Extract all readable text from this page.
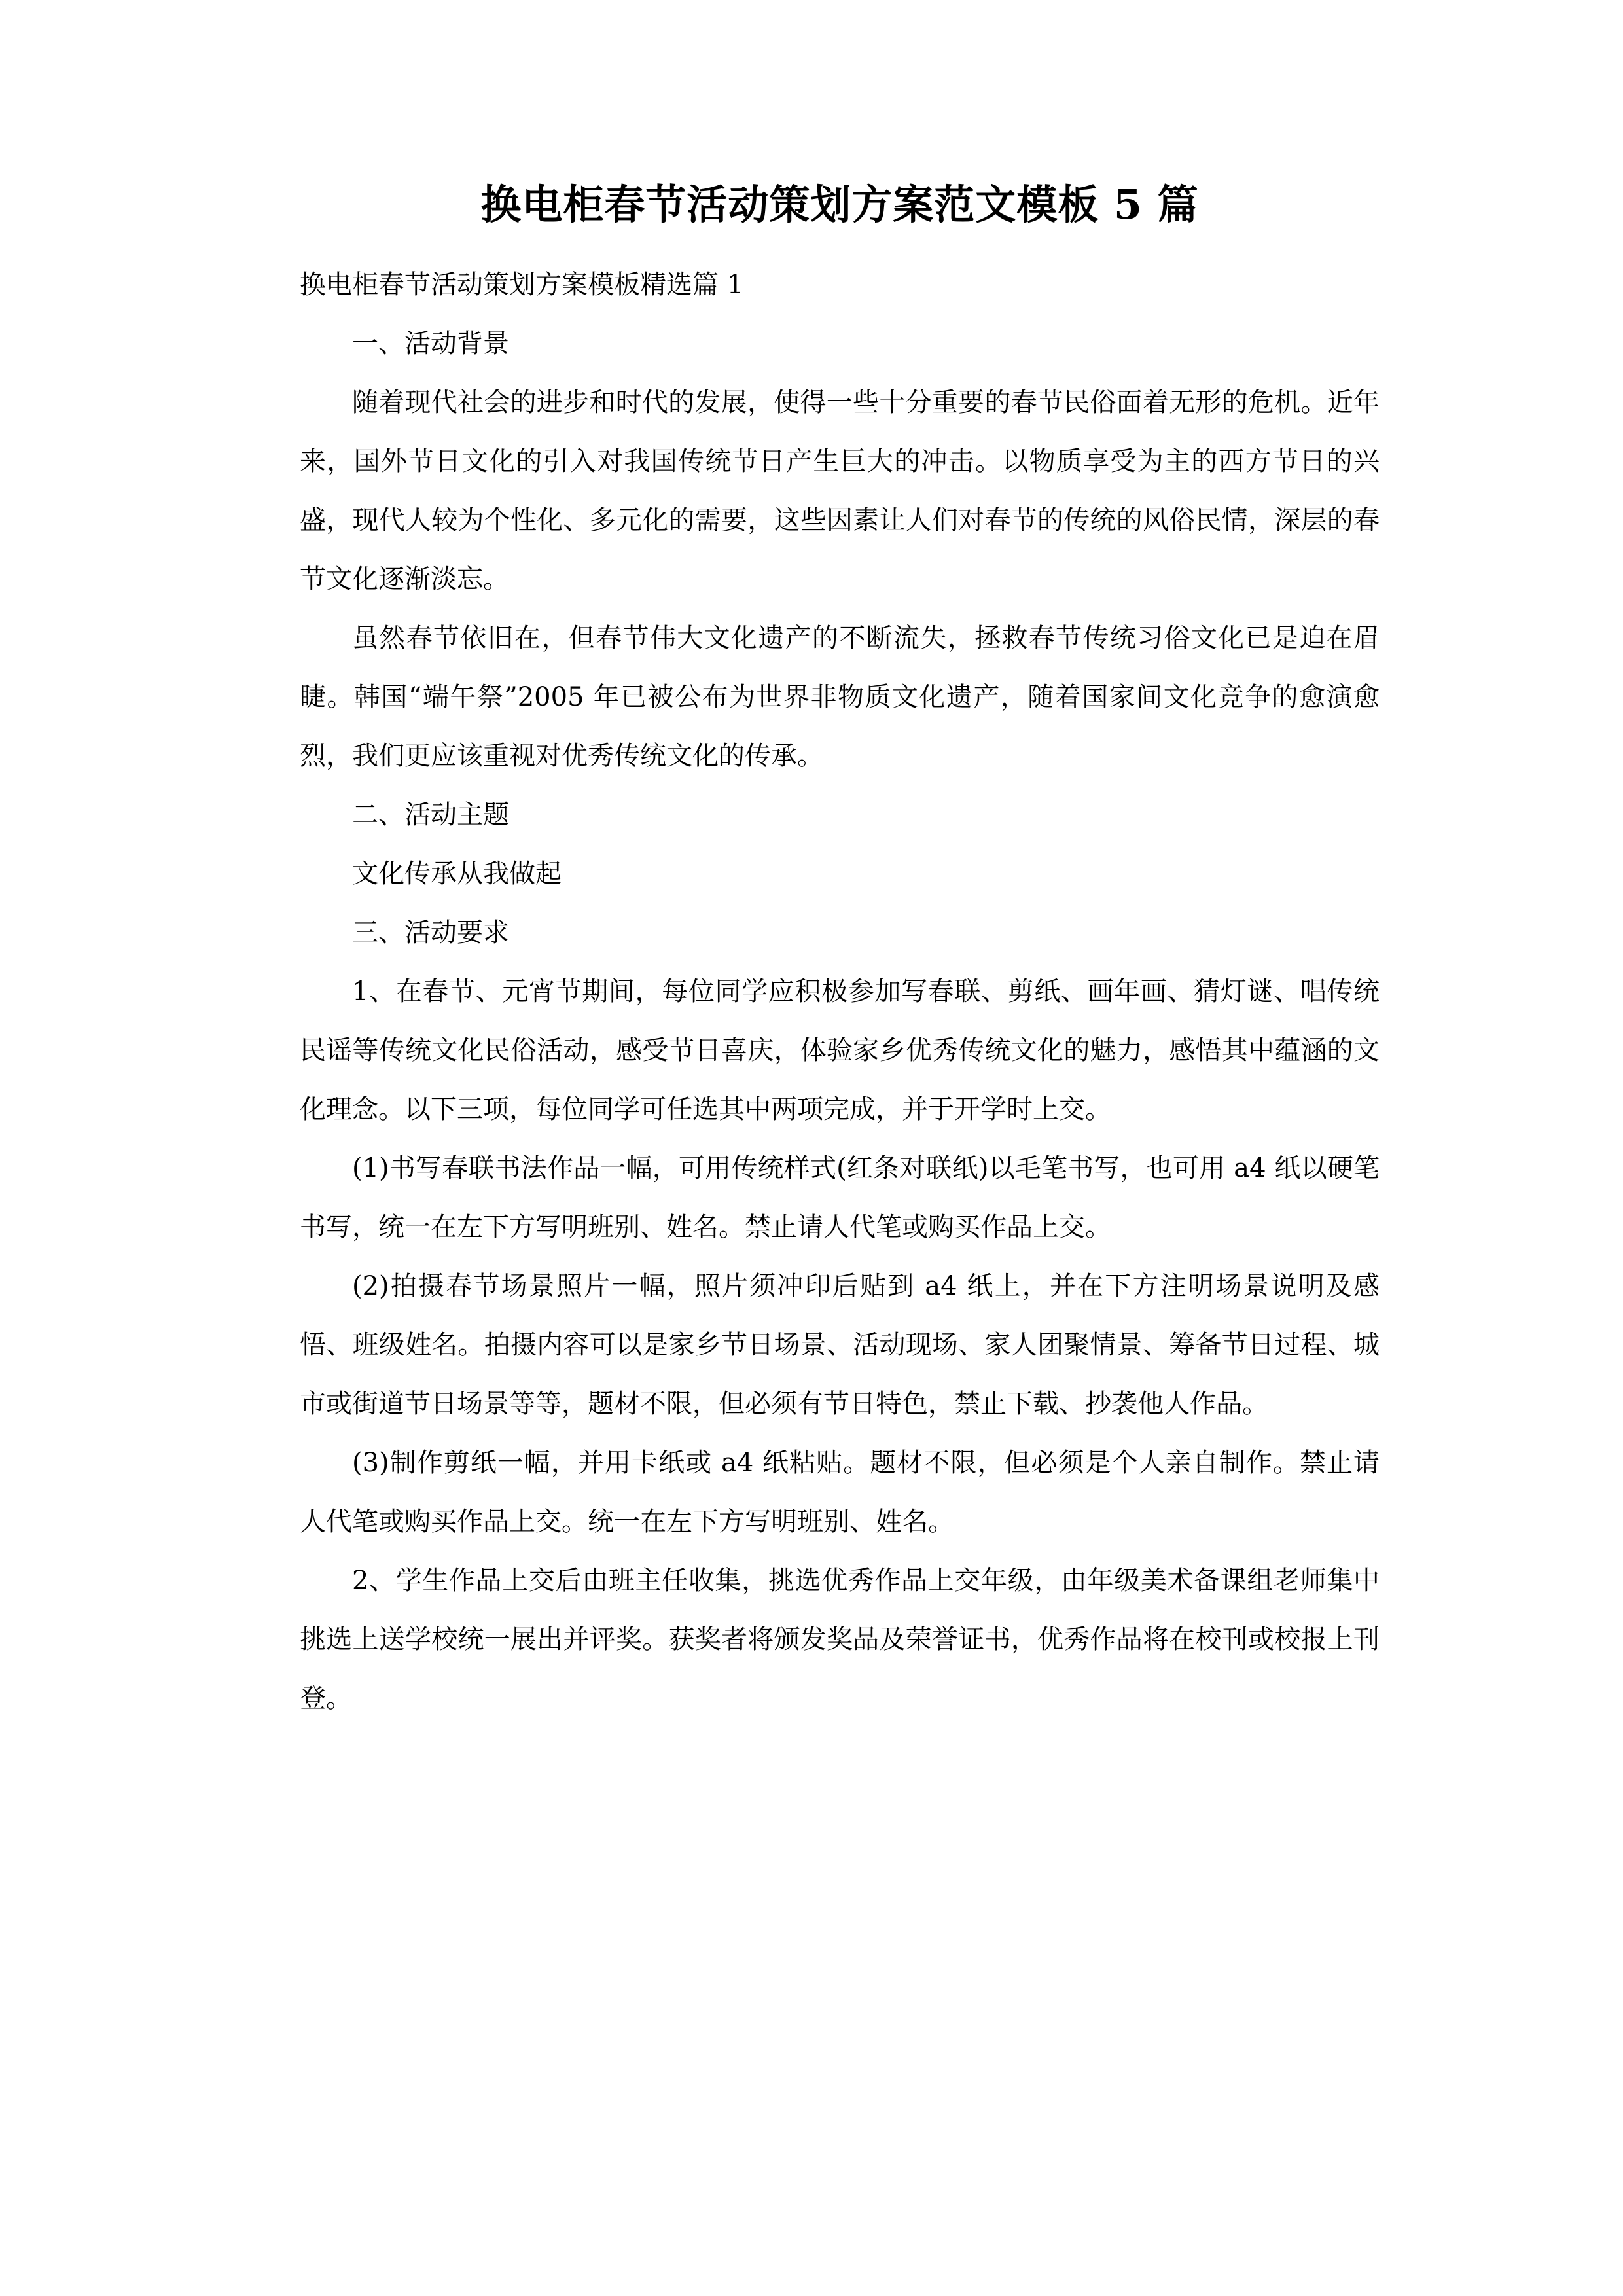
换电柜春节活动策划方案范文模板 5 篇

换电柜春节活动策划方案模板精选篇 1

一、活动背景

随着现代社会的进步和时代的发展，使得一些十分重要的春节民俗面着无形的危机。近年来，国外节日文化的引入对我国传统节日产生巨大的冲击。以物质享受为主的西方节日的兴盛，现代人较为个性化、多元化的需要，这些因素让人们对春节的传统的风俗民情，深层的春节文化逐渐淡忘。

虽然春节依旧在，但春节伟大文化遗产的不断流失，拯救春节传统习俗文化已是迫在眉睫。韩国“端午祭”2005 年已被公布为世界非物质文化遗产，随着国家间文化竞争的愈演愈烈，我们更应该重视对优秀传统文化的传承。

二、活动主题

文化传承从我做起

三、活动要求

1、在春节、元宵节期间，每位同学应积极参加写春联、剪纸、画年画、猜灯谜、唱传统民谣等传统文化民俗活动，感受节日喜庆，体验家乡优秀传统文化的魅力，感悟其中蕴涵的文化理念。以下三项，每位同学可任选其中两项完成，并于开学时上交。

(1)书写春联书法作品一幅，可用传统样式(红条对联纸)以毛笔书写，也可用 a4 纸以硬笔书写，统一在左下方写明班别、姓名。禁止请人代笔或购买作品上交。

(2)拍摄春节场景照片一幅，照片须冲印后贴到 a4 纸上，并在下方注明场景说明及感悟、班级姓名。拍摄内容可以是家乡节日场景、活动现场、家人团聚情景、筹备节日过程、城市或街道节日场景等等，题材不限，但必须有节日特色，禁止下载、抄袭他人作品。

(3)制作剪纸一幅，并用卡纸或 a4 纸粘贴。题材不限，但必须是个人亲自制作。禁止请人代笔或购买作品上交。统一在左下方写明班别、姓名。

2、学生作品上交后由班主任收集，挑选优秀作品上交年级，由年级美术备课组老师集中挑选上送学校统一展出并评奖。获奖者将颁发奖品及荣誉证书，优秀作品将在校刊或校报上刊登。
